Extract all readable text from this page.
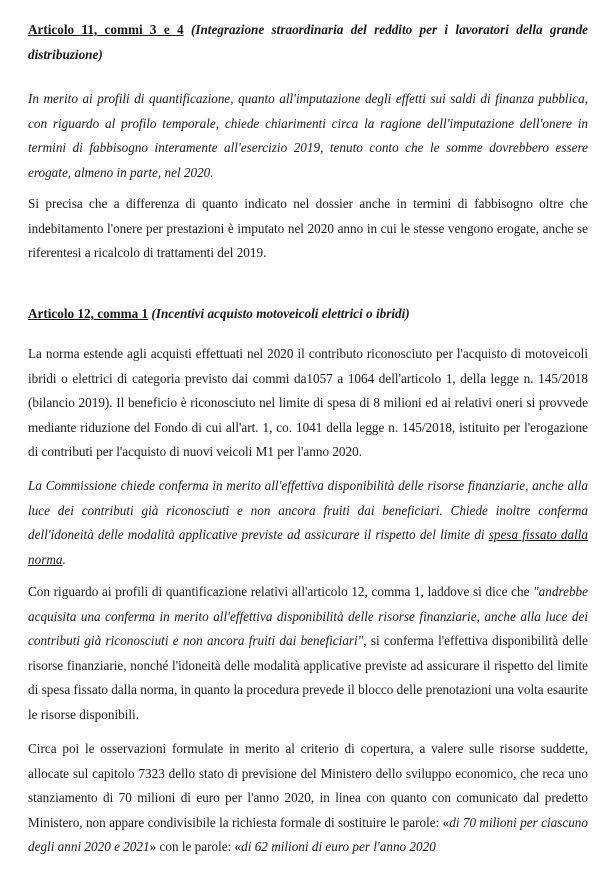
Articolo 11, commi 3 e 4 (Integrazione straordinaria del reddito per i lavoratori della grande distribuzione)

In merito ai profili di quantificazione, quanto all'imputazione degli effetti sui saldi di finanza pubblica, con riguardo al profilo temporale, chiede chiarimenti circa la ragione dell'imputazione dell'onere in termini di fabbisogno interamente all'esercizio 2019, tenuto conto che le somme dovrebbero essere erogate, almeno in parte, nel 2020.

Si precisa che a differenza di quanto indicato nel dossier anche in termini di fabbisogno oltre che indebitamento l'onere per prestazioni è imputato nel 2020 anno in cui le stesse vengono erogate, anche se riferentesi a ricalcolo di trattamenti del 2019.

Articolo 12, comma 1 (Incentivi acquisto motoveicoli elettrici o ibridi)

La norma estende agli acquisti effettuati nel 2020 il contributo riconosciuto per l'acquisto di motoveicoli ibridi o elettrici di categoria previsto dai commi da1057 a 1064 dell'articolo 1, della legge n. 145/2018 (bilancio 2019). Il beneficio è riconosciuto nel limite di spesa di 8 milioni ed ai relativi oneri si provvede mediante riduzione del Fondo di cui all'art. 1, co. 1041 della legge n. 145/2018, istituito per l'erogazione di contributi per l'acquisto di nuovi veicoli M1 per l'anno 2020.

La Commissione chiede conferma in merito all'effettiva disponibilità delle risorse finanziarie, anche alla luce dei contributi già riconosciuti e non ancora fruiti dai beneficiari. Chiede inoltre conferma dell'idoneità delle modalità applicative previste ad assicurare il rispetto del limite di spesa fissato dalla norma.

Con riguardo ai profili di quantificazione relativi all'articolo 12, comma 1, laddove si dice che "andrebbe acquisita una conferma in merito all'effettiva disponibilità delle risorse finanziarie, anche alla luce dei contributi già riconosciuti e non ancora fruiti dai beneficiari", si conferma l'effettiva disponibilità delle risorse finanziarie, nonché l'idoneità delle modalità applicative previste ad assicurare il rispetto del limite di spesa fissato dalla norma, in quanto la procedura prevede il blocco delle prenotazioni una volta esaurite le risorse disponibili.

Circa poi le osservazioni formulate in merito al criterio di copertura, a valere sulle risorse suddette, allocate sul capitolo 7323 dello stato di previsione del Ministero dello sviluppo economico, che reca uno stanziamento di 70 milioni di euro per l'anno 2020, in linea con quanto con comunicato dal predetto Ministero, non appare condivisibile la richiesta formale di sostituire le parole: «di 70 milioni per ciascuno degli anni 2020 e 2021» con le parole: «di 62 milioni di euro per l'anno 2020
